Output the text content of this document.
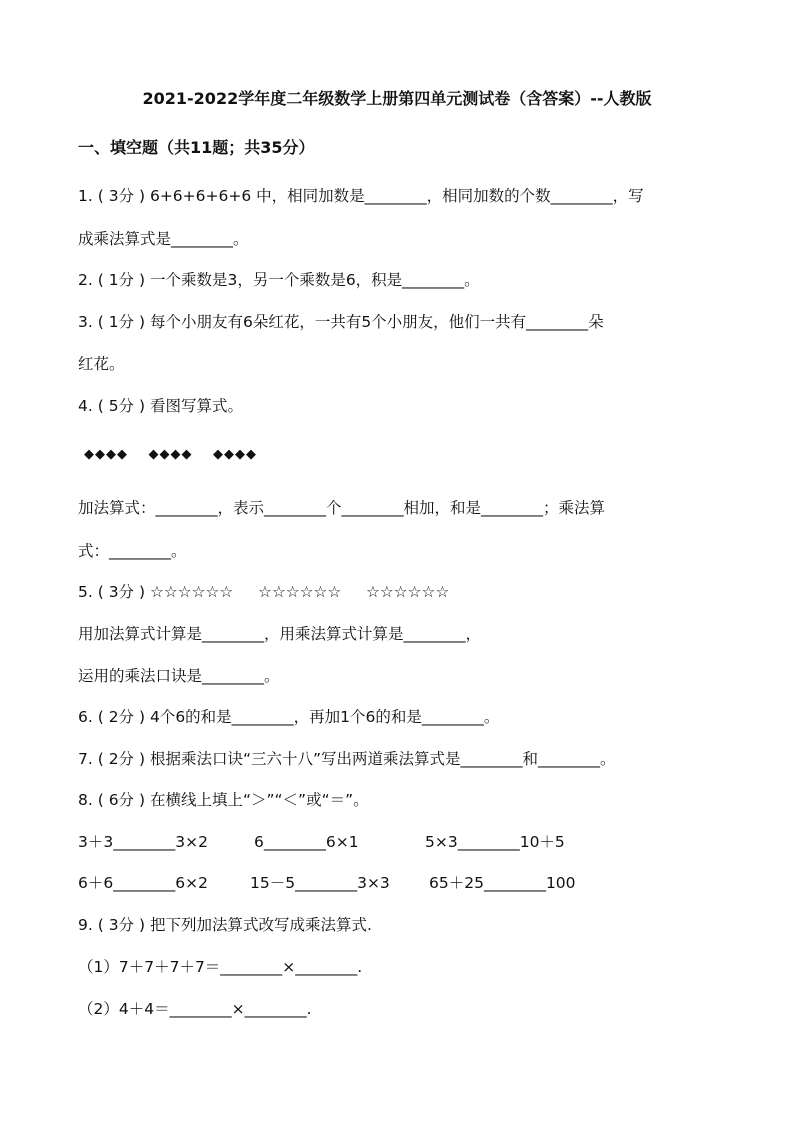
2021-2022学年度二年级数学上册第四单元测试卷（含答案）--人教版
一、填空题（共11题；共35分）
1. ( 3分 ) 6+6+6+6+6 中，相同加数是________，相同加数的个数________，写
成乘法算式是________。
2. ( 1分 ) 一个乘数是3，另一个乘数是6，积是________。
3. ( 1分 ) 每个小朋友有6朵红花，一共有5个小朋友，他们一共有________朵
红花。
4. ( 5分 ) 看图写算式。
◆◆◆◆    ◆◆◆◆    ◆◆◆◆
加法算式：________，表示________个________相加，和是________；乘法算
式：________。
5. ( 3分 ) ☆☆☆☆☆☆     ☆☆☆☆☆☆     ☆☆☆☆☆☆
用加法算式计算是________，用乘法算式计算是________，
运用的乘法口诀是________。
6. ( 2分 ) 4个6的和是________，再加1个6的和是________。
7. ( 2分 ) 根据乘法口诀“三六十八”写出两道乘法算式是________和________。
8. ( 6分 ) 在横线上填上“＞”“＜”或“＝”。
3＋3________3×2	6________6×1	5×3________10＋5
6＋6________6×2	15－5________3×3	65＋25________100
9. ( 3分 ) 把下列加法算式改写成乘法算式.
（1）7＋7＋7＋7＝________×________.
（2）4＋4＝________×________.
